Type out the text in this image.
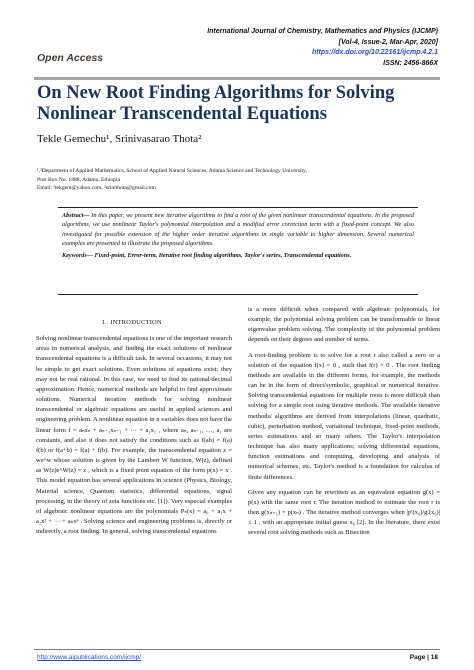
International Journal of Chemistry, Mathematics and Physics (IJCMP)
[Vol-4, Issue-2, Mar-Apr, 2020]
https://dx.doi.org/10.22161/ijcmp.4.2.1
ISSN: 2456-866X
Open Access
On New Root Finding Algorithms for Solving Nonlinear Transcendental Equations
Tekle Gemechu¹, Srinivasarao Thota²
¹,²Department of Applied Mathematics, School of Applied Natural Sciences, Adama Science and Technology University,
Post Box No. 1888, Adama, Ethiopia
Email: ¹tekgem@yahoo.com, ²srinithota@gmail.com
Abstract— In this paper, we present new iterative algorithms to find a root of the given nonlinear transcendental equations. In the proposed algorithms, we use nonlinear Taylor's polynomial interpolation and a modified error correction term with a fixed-point concept. We also investigated for possible extension of the higher order iterative algorithms in single variable to higher dimension. Several numerical examples are presented to illustrate the proposed algorithms.
Keywords— Fixed-point, Error-term, Iterative root finding algorithms, Taylor's series, Transcendental equations.

I. INTRODUCTION

Solving nonlinear transcendental equations is one of the important research areas in numerical analysis, and finding the exact solutions of nonlinear transcendental equations is a difficult task. In several occasions, it may not be simple to get exact solutions. Even solutions of equations exist; they may not be real rational. In this case, we need to find its rational/decimal approximation. Hence, numerical methods are helpful to find approximate solutions. Numerical iteration methods for solving nonlinear transcendental or algebraic equations are useful in applied sciences and engineering problem. A nonlinear equation in n variables does not have the linear form f = aₙxₙ + aₙ₋₁xₙ₋₁ + ··· + a₁x₁ , where aₙ, aₙ₋₁, …, a₁ are constants, and also it does not satisfy the conditions such as f(ab) = f(a) f(b) or f(a+b) = f(a) + f(b). For example, the transcendental equation z = we^w whose solution is given by the Lambert W function, W(z), defined as W(z)e^W(z) = z , which is a fixed point equation of the form p(x) = x . This model equation has several applications in science (Physics, Biology, Material science, Quantum statistics, differential equations, signal processing, in the theory of zeta functions etc. [1]). Very especial examples of algebraic nonlinear equations are the polynomials Pₙ(x) = a₀ + a₁x + a₂x² + ··· + aₙxⁿ . Solving science and engineering problems is, directly or indirectly, a root finding. In general, solving transcendental equations

is a more difficult when compared with algebraic polynomials, for example, the polynomial solving problem can be transformable to linear eigenvalue problem solving. The complexity of the polynomial problem depends on their degrees and number of terms.

A root-finding problem is to solve for a root r also called a zero or a solution of the equation f(x) = 0 , such that f(r) = 0 . The root finding methods are available in the different forms, for example, the methods can be in the form of direct/symbolic, graphical or numerical iterative. Solving transcendental equations for multiple roots is more difficult than solving for a simple root using iterative methods. The available iterative methods/ algorithms are derived from interpolations (linear, quadratic, cubic), perturbation method, variational technique, fixed-point methods, series estimations and so many others. The Taylor's interpolation technique has also many applications; solving differential equations, function estimations and computing, developing and analysis of numerical schemes, etc. Taylor's method is a foundation for calculus of finite differences.

Given any equation can be rewritten as an equivalent equation g(x) = p(x) with the same root r. The iteration method to estimate the root r is then g(xₙ₊₁) = p(xₙ) . The iterative method converges when |p′(x₀)/g′(x₀)| ≤ 1 , with an appropriate initial guess x₀ [2]. In the literature, there exist several root solving methods such as Bisection

http://www.aipublications.com/ijcmp/	Page | 18
